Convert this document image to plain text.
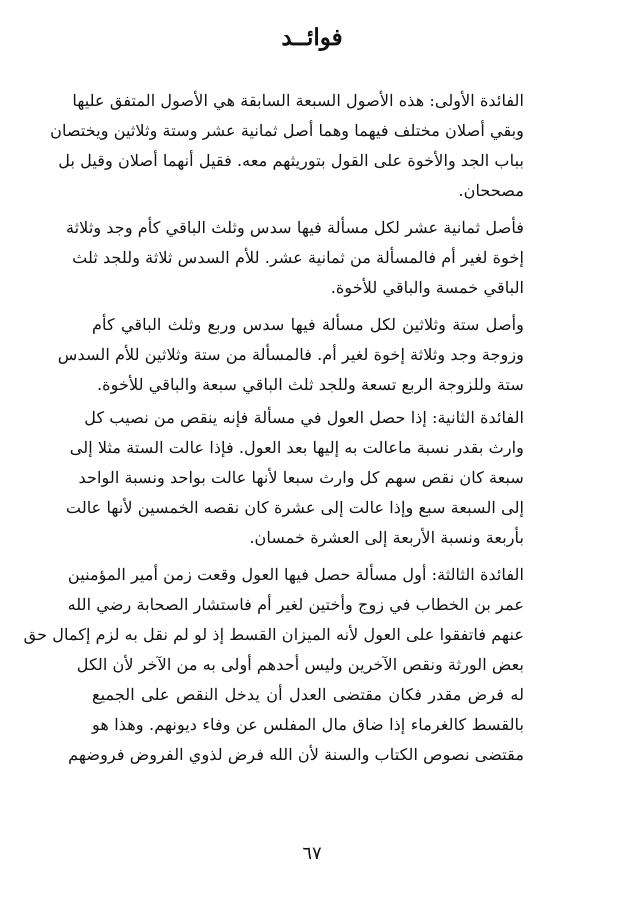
فوائــد
الفائدة الأولى: هذه الأصول السبعة السابقة هي الأصول المتفق عليها
وبقي أصلان مختلف فيهما وهما أصل ثمانية عشر وستة وثلاثين ويختصان
بباب الجد والأخوة على القول بتوريثهم معه. فقيل أنهما أصلان وقيل بل
مصححان.
فأصل ثمانية عشر لكل مسألة فيها سدس وثلث الباقي كأم وجد وثلاثة
إخوة لغير أم فالمسألة من ثمانية عشر. للأم السدس ثلاثة وللجد ثلث
الباقي خمسة والباقي للأخوة.
وأصل ستة وثلاثين لكل مسألة فيها سدس وربع وثلث الباقي كأم
وزوجة وجد وثلاثة إخوة لغير أم. فالمسألة من ستة وثلاثين للأم السدس
ستة وللزوجة الربع تسعة وللجد ثلث الباقي سبعة والباقي للأخوة.
الفائدة الثانية: إذا حصل العول في مسألة فإنه ينقص من نصيب كل
وارث بقدر نسبة ماعالت به إليها بعد العول. فإذا عالت الستة مثلا إلى
سبعة كان نقص سهم كل وارث سبعا لأنها عالت بواحد ونسبة الواحد
إلى السبعة سبع وإذا عالت إلى عشرة كان نقصه الخمسين لأنها عالت
بأربعة ونسبة الأربعة إلى العشرة خمسان.
الفائدة الثالثة: أول مسألة حصل فيها العول وقعت زمن أمير المؤمنين
عمر بن الخطاب في زوج وأختين لغير أم فاستشار الصحابة رضي الله
عنهم فاتفقوا على العول لأنه الميزان القسط إذ لو لم نقل به لزم إكمال حق
بعض الورثة ونقص الآخرين وليس أحدهم أولى به من الآخر لأن الكل
له فرض مقدر فكان مقتضى العدل أن يدخل النقص على الجميع
بالقسط كالغرماء إذا ضاق مال المفلس عن وفاء ديونهم. وهذا هو
مقتضى نصوص الكتاب والسنة لأن الله فرض لذوي الفروض فروضهم
٦٧
